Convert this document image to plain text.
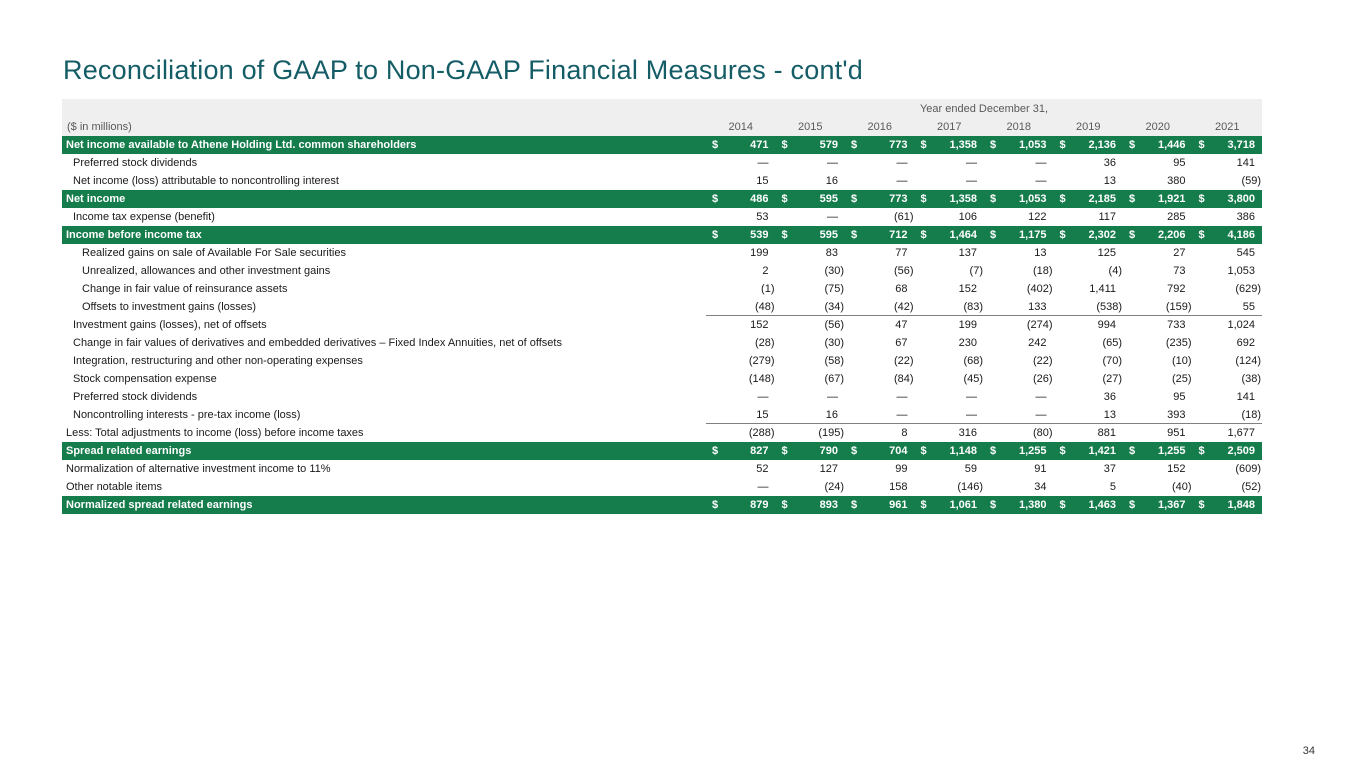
Reconciliation of GAAP to Non-GAAP Financial Measures - cont'd
Year ended December 31,
($ in millions)	2014	2015	2016	2017	2018	2019	2020	2021
Net income available to Athene Holding Ltd. common shareholders	$	471	$	579	$	773	$ 1,358	$ 1,053	$ 2,136	$ 1,446	$ 3,718
Preferred stock dividends	—	—	—	—	—	36	95	141
Net income (loss) attributable to noncontrolling interest	15	16	—	—	—	13	380	(59)
Net income	$	486	$	595	$	773	$ 1,358	$ 1,053	$ 2,185	$ 1,921	$ 3,800
Income tax expense (benefit)	53	—	(61)	106	122	117	285	386
Income before income tax	$	539	$	595	$	712	$ 1,464	$ 1,175	$ 2,302	$ 2,206	$ 4,186
Realized gains on sale of Available For Sale securities	199	83	77	137	13	125	27	545
Unrealized, allowances and other investment gains	2	(30)	(56)	(7)	(18)	(4)	73	1,053
Change in fair value of reinsurance assets	(1)	(75)	68	152	(402)	1,411	792	(629)
Offsets to investment gains (losses)	(48)	(34)	(42)	(83)	133	(538)	(159)	55
Investment gains (losses), net of offsets	152	(56)	47	199	(274)	994	733	1,024
Change in fair values of derivatives and embedded derivatives – Fixed Index Annuities, net of offsets	(28)	(30)	67	230	242	(65)	(235)	692
Integration, restructuring and other non-operating expenses	(279)	(58)	(22)	(68)	(22)	(70)	(10)	(124)
Stock compensation expense	(148)	(67)	(84)	(45)	(26)	(27)	(25)	(38)
Preferred stock dividends	—	—	—	—	—	36	95	141
Noncontrolling interests - pre-tax income (loss)	15	16	—	—	—	13	393	(18)
Less: Total adjustments to income (loss) before income taxes	(288)	(195)	8	316	(80)	881	951	1,677
Spread related earnings	$	827	$	790	$	704	$ 1,148	$ 1,255	$ 1,421	$ 1,255	$ 2,509
Normalization of alternative investment income to 11%	52	127	99	59	91	37	152	(609)
Other notable items	—	(24)	158	(146)	34	5	(40)	(52)
Normalized spread related earnings	$	879	$	893	$	961	$ 1,061	$ 1,380	$ 1,463	$ 1,367	$ 1,848
34
